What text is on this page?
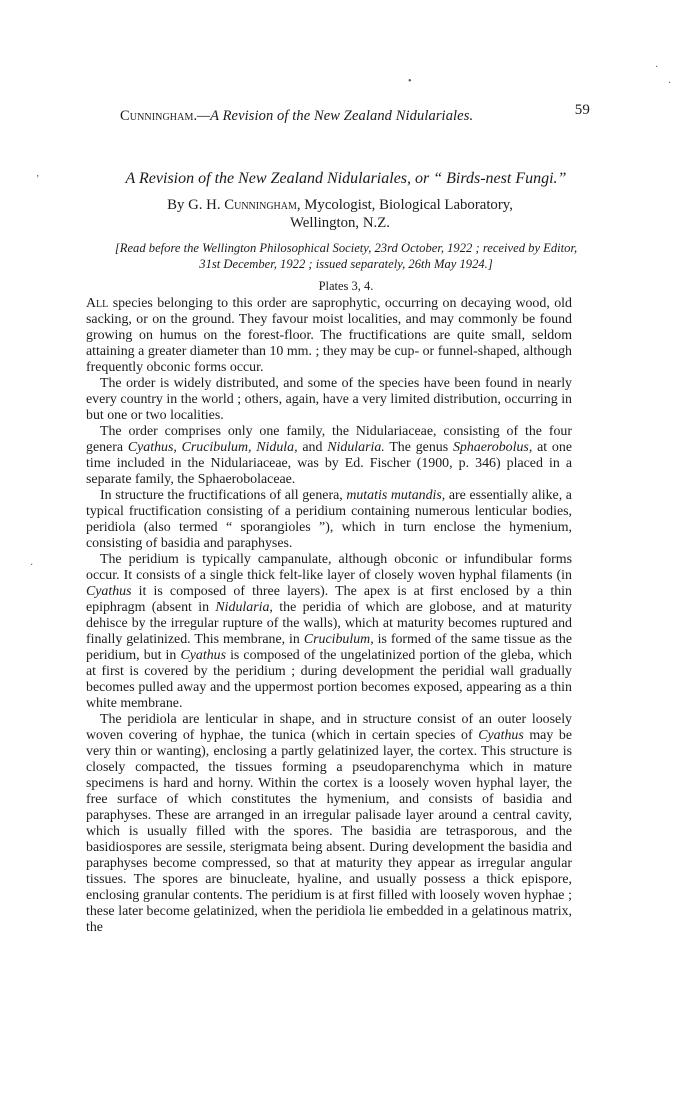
Cunningham.—A Revision of the New Zealand Nidulariales.	59
A Revision of the New Zealand Nidulariales, or “ Birds-nest Fungi.”
By G. H. Cunningham, Mycologist, Biological Laboratory,
Wellington, N.Z.
[Read before the Wellington Philosophical Society, 23rd October, 1922 ; received by Editor,
31st December, 1922 ; issued separately, 26th May 1924.]
Plates 3, 4.

All species belonging to this order are saprophytic, occurring on decaying wood, old sacking, or on the ground. They favour moist localities, and may commonly be found growing on humus on the forest-floor. The fructifications are quite small, seldom attaining a greater diameter than 10 mm. ; they may be cup- or funnel-shaped, although frequently obconic forms occur.

The order is widely distributed, and some of the species have been found in nearly every country in the world ; others, again, have a very limited distribution, occurring in but one or two localities.

The order comprises only one family, the Nidulariaceae, consisting of the four genera Cyathus, Crucibulum, Nidula, and Nidularia. The genus Sphaerobolus, at one time included in the Nidulariaceae, was by Ed. Fischer (1900, p. 346) placed in a separate family, the Sphaerobolaceae.

In structure the fructifications of all genera, mutatis mutandis, are essentially alike, a typical fructification consisting of a peridium containing numerous lenticular bodies, peridiola (also termed “ sporangioles ”), which in turn enclose the hymenium, consisting of basidia and paraphyses.

The peridium is typically campanulate, although obconic or infundibular forms occur. It consists of a single thick felt-like layer of closely woven hyphal filaments (in Cyathus it is composed of three layers). The apex is at first enclosed by a thin epiphragm (absent in Nidularia, the peridia of which are globose, and at maturity dehisce by the irregular rupture of the walls), which at maturity becomes ruptured and finally gelatinized. This membrane, in Crucibulum, is formed of the same tissue as the peridium, but in Cyathus is composed of the ungelatinized portion of the gleba, which at first is covered by the peridium ; during development the peridial wall gradually becomes pulled away and the uppermost portion becomes exposed, appearing as a thin white membrane.

The peridiola are lenticular in shape, and in structure consist of an outer loosely woven covering of hyphae, the tunica (which in certain species of Cyathus may be very thin or wanting), enclosing a partly gelatinized layer, the cortex. This structure is closely compacted, the tissues forming a pseudoparenchyma which in mature specimens is hard and horny. Within the cortex is a loosely woven hyphal layer, the free surface of which constitutes the hymenium, and consists of basidia and paraphyses. These are arranged in an irregular palisade layer around a central cavity, which is usually filled with the spores. The basidia are tetrasporous, and the basidiospores are sessile, sterigmata being absent. During development the basidia and paraphyses become compressed, so that at maturity they appear as irregular angular tissues. The spores are binucleate, hyaline, and usually possess a thick epispore, enclosing granular contents. The peridium is at first filled with loosely woven hyphae ; these later become gelatinized, when the peridiola lie embedded in a gelatinous matrix, the

•
·
·
‚
·
